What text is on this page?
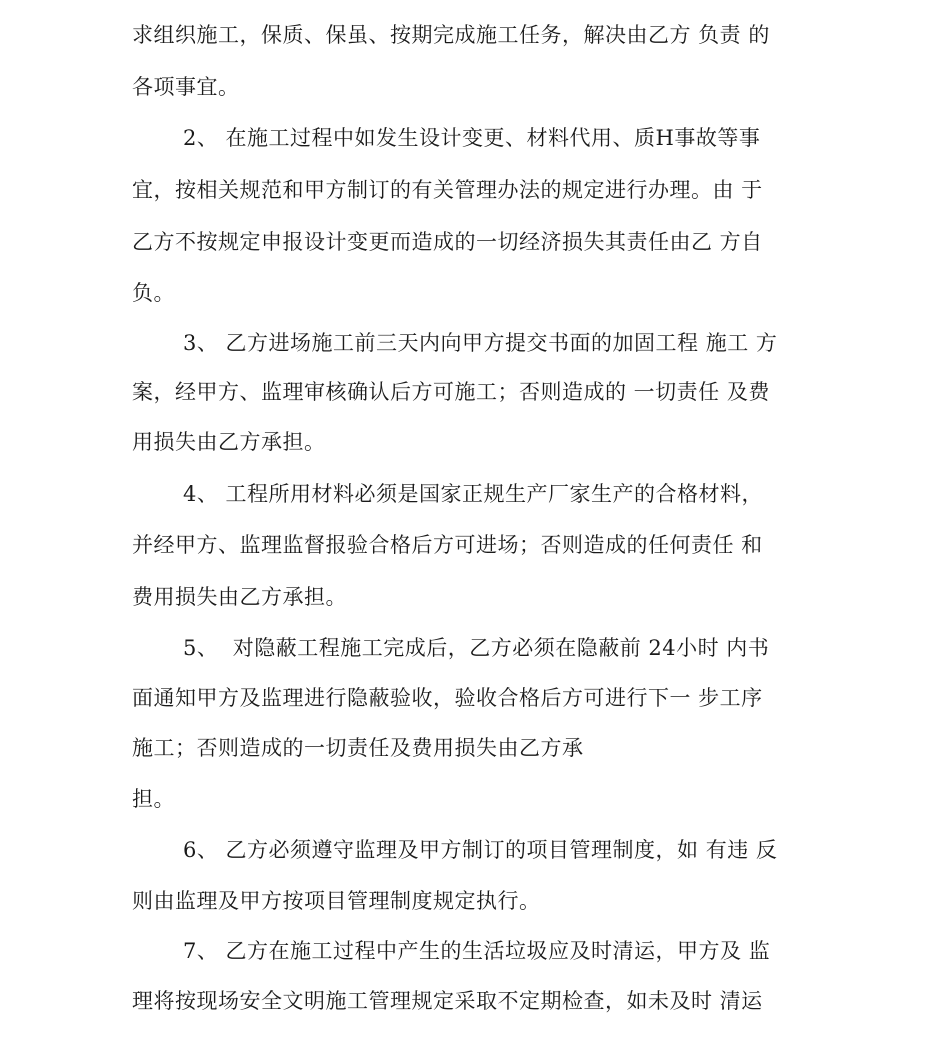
求组织施工，保质、保虽、按期完成施工任务，解决由乙方 负责 的
各项事宜。
2、 在施工过程中如发生设计变更、材料代用、质H事故等事
宜，按相关规范和甲方制订的有关管理办法的规定进行办理。由 于
乙方不按规定申报设计变更而造成的一切经济损失其责任由乙 方自
负。
3、 乙方进场施工前三天内向甲方提交书面的加固工程 施工 方
案，经甲方、监理审核确认后方可施工；否则造成的 一切责任 及费
用损失由乙方承担。
4、 工程所用材料必须是国家正规生产厂家生产的合格材料，
并经甲方、监理监督报验合格后方可进场；否则造成的任何责任 和
费用损失由乙方承担。
5、  对隐蔽工程施工完成后，乙方必须在隐蔽前 24小时 内书
面通知甲方及监理进行隐蔽验收，验收合格后方可进行下一 步工序
施工；否则造成的一切责任及费用损失由乙方承
担。
6、 乙方必须遵守监理及甲方制订的项目管理制度，如 有违 反
则由监理及甲方按项目管理制度规定执行。
7、 乙方在施工过程中产生的生活垃圾应及时清运，甲方及 监
理将按现场安全文明施工管理规定采取不定期检查，如未及时 清运
